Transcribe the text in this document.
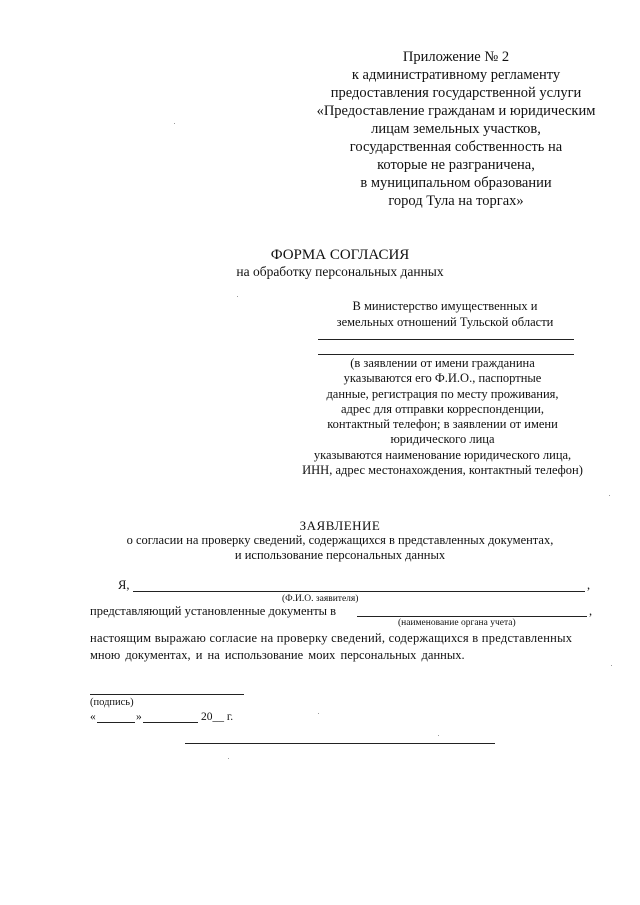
Приложение № 2
к административному регламенту
предоставления государственной услуги
«Предоставление гражданам и юридическим
лицам земельных участков,
государственная собственность на
которые не разграничена,
в муниципальном образовании
город Тула на торгах»
ФОРМА СОГЛАСИЯ
на обработку персональных данных
В министерство имущественных и
земельных отношений Тульской области
(в заявлении от имени гражданина
указываются его Ф.И.О., паспортные
данные, регистрация по месту проживания,
адрес для отправки корреспонденции,
контактный телефон; в заявлении от имени
юридического лица
указываются наименование юридического лица,
ИНН, адрес местонахождения, контактный телефон)
ЗАЯВЛЕНИЕ
о согласии на проверку сведений, содержащихся в представленных документах,
и использование персональных данных
Я,	,
(Ф.И.О. заявителя)
представляющий установленные документы в	,
(наименование органа учета)
настоящим выражаю согласие на проверку сведений, содержащихся в представленных
мною документах, и на использование моих персональных данных.
(подпись)
«	»	20__ г.
